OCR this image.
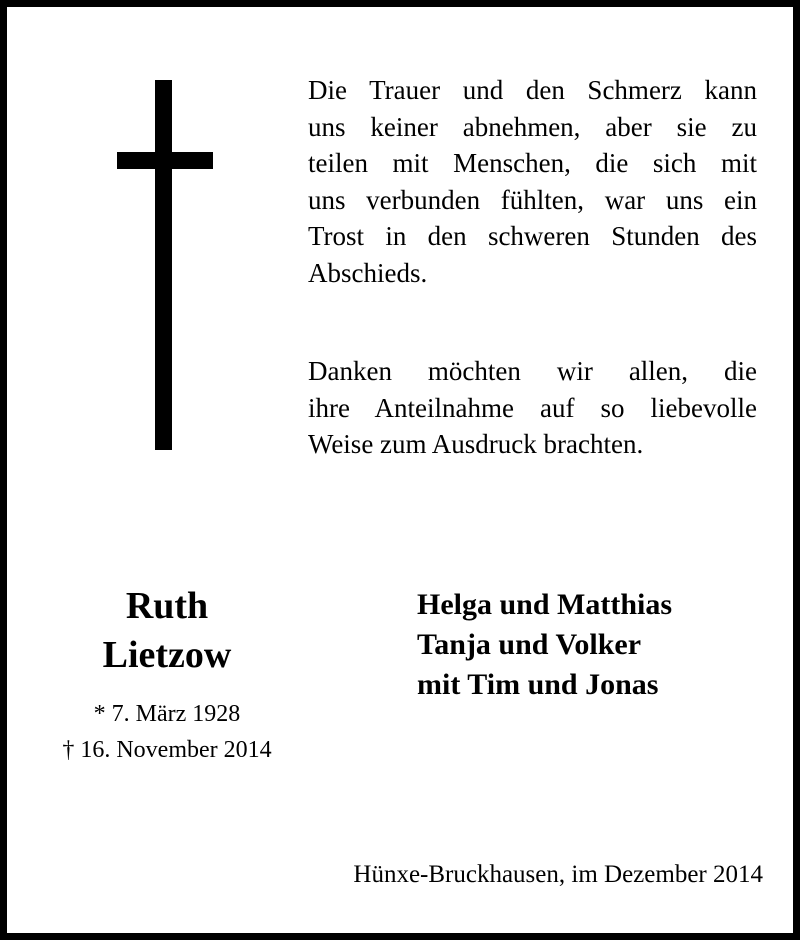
Die Trauer und den Schmerz kann
uns keiner abnehmen, aber sie zu
teilen mit Menschen, die sich mit
uns verbunden fühlten, war uns ein
Trost in den schweren Stunden des
Abschieds.

Danken möchten wir allen, die
ihre Anteilnahme auf so liebevolle
Weise zum Ausdruck brachten.

Ruth
Lietzow
* 7. März 1928
† 16. November 2014
Helga und Matthias
Tanja und Volker
mit Tim und Jonas
Hünxe-Bruckhausen, im Dezember 2014
